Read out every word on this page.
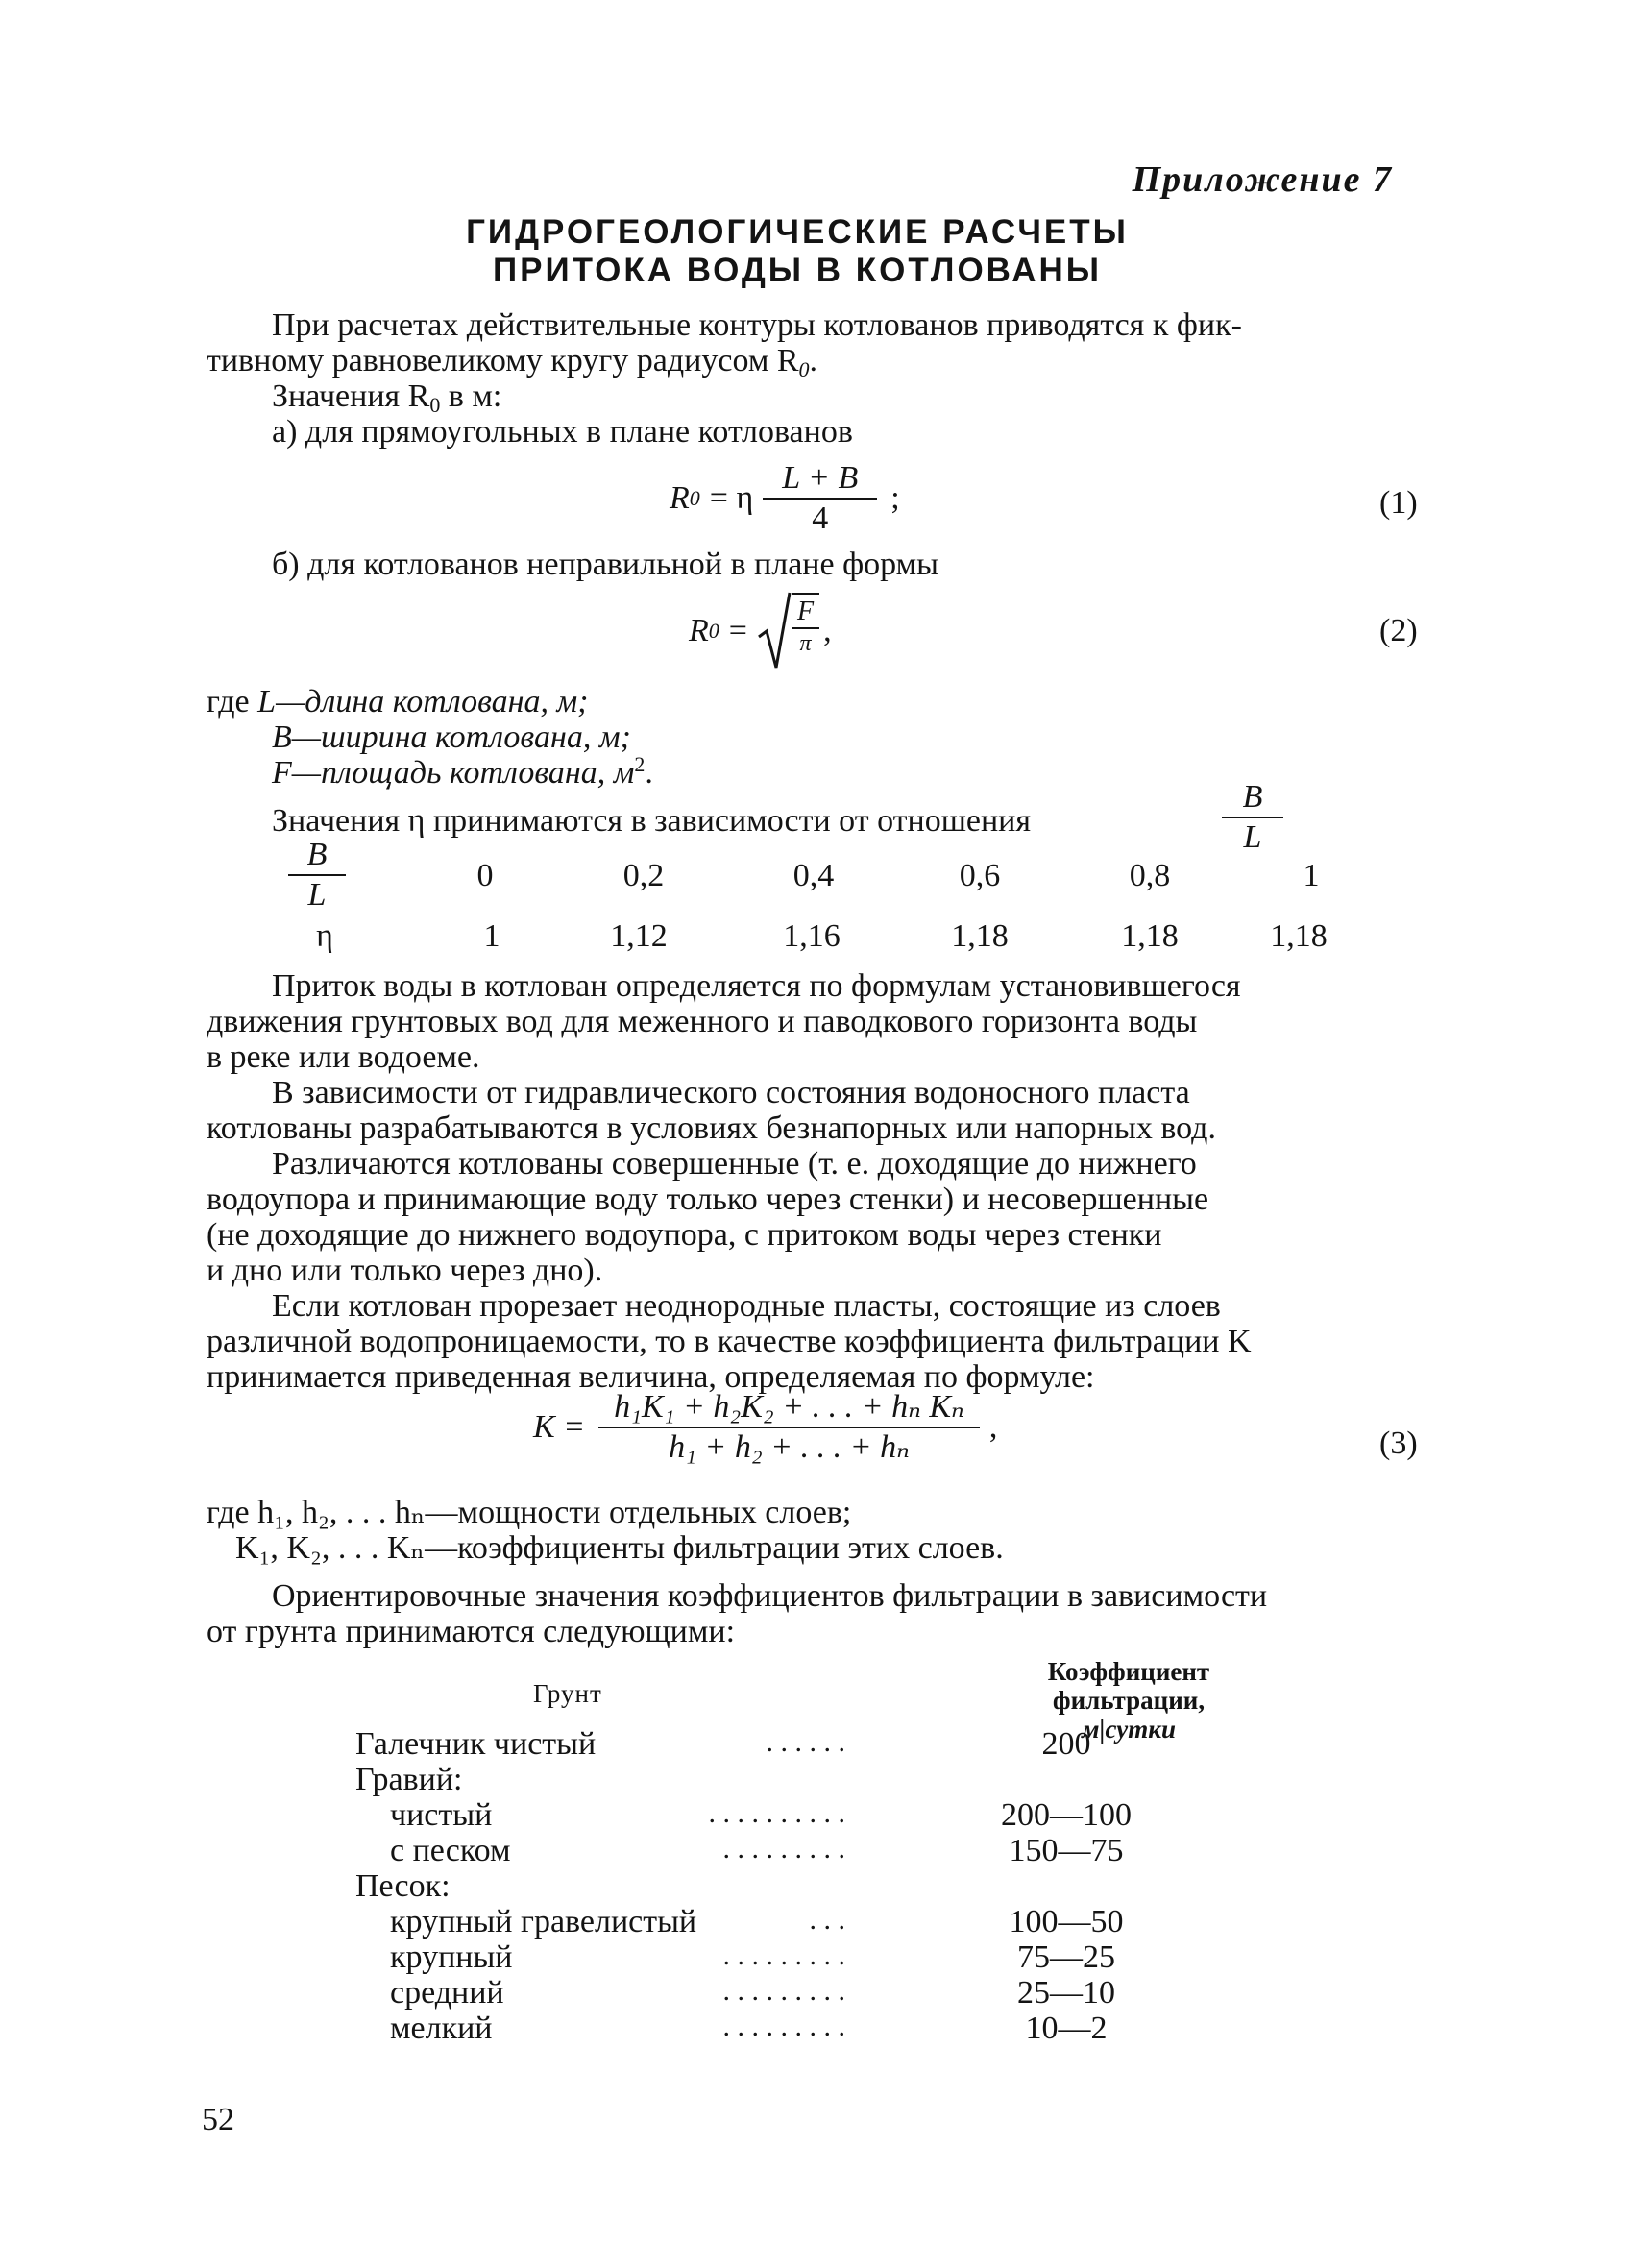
Приложение 7
ГИДРОГЕОЛОГИЧЕСКИЕ РАСЧЕТЫ
ПРИТОКА ВОДЫ В КОТЛОВАНЫ
При расчетах действительные контуры котлованов приводятся к фик-
тивному равновеликому кругу радиусом $R_0$.
Значения $R_0$ в м:
а) для прямоугольных в плане котлованов
R 0 = η $\frac{L + B}{4}$ ;	(1)
б) для котлованов неправильной в плане формы
R $0 = \frac{F}{\pi}$ ,	(2)
где L—длина котлована, м;
B—ширина котлована, м;
F—площадь котлована, $м^2$.
Значения η принимаются в зависимости от отношения	$\frac{B}{L}$
$\frac{B}{L}$	0	0,2	0,4	0,6	0,8	1
η	1	1,12	1,16	1,18	1,18	1,18
Приток воды в котлован определяется по формулам установившегося
движения грунтовых вод для меженного и паводкового горизонта воды
в реке или водоеме.
В зависимости от гидравлического состояния водоносного пласта
котлованы разрабатываются в условиях безнапорных или напорных вод.
Различаются котлованы совершенные (т. е. доходящие до нижнего
водоупора и принимающие воду только через стенки) и несовершенные
(не доходящие до нижнего водоупора, с притоком воды через стенки
и дно или только через дно).
Если котлован прорезает неоднородные пласты, состоящие из слоев
различной водопроницаемости, то в качестве коэффициента фильтрации K
принимается приведенная величина, определяемая по формуле:
$K = \frac{\text{h₁K₁ + h₂K₂ + . . . + hₙ Kₙ}}{\text{h₁ + h₂ + . . . + hₙ}}$ ,	(3)
где h₁, h₂, . . . hₙ—мощности отдельных слоев;
K₁, K₂, . . . Kₙ—коэффициенты фильтрации этих слоев.
Ориентировочные значения коэффициентов фильтрации в зависимости
от грунта принимаются следующими:
Грунт
Коэффициент фильтрации,
м|сутки
Галечник чистый	. . . . . .	200
Гравий:
чистый	. . . . . . . . . .	200—100
с песком	. . . . . . . . .	150—75
Песок:
крупный гравелистый	. . .	100—50
крупный	. . . . . . . . .	75—25
средний	. . . . . . . . .	25—10
мелкий	. . . . . . . . .	10—2
52
